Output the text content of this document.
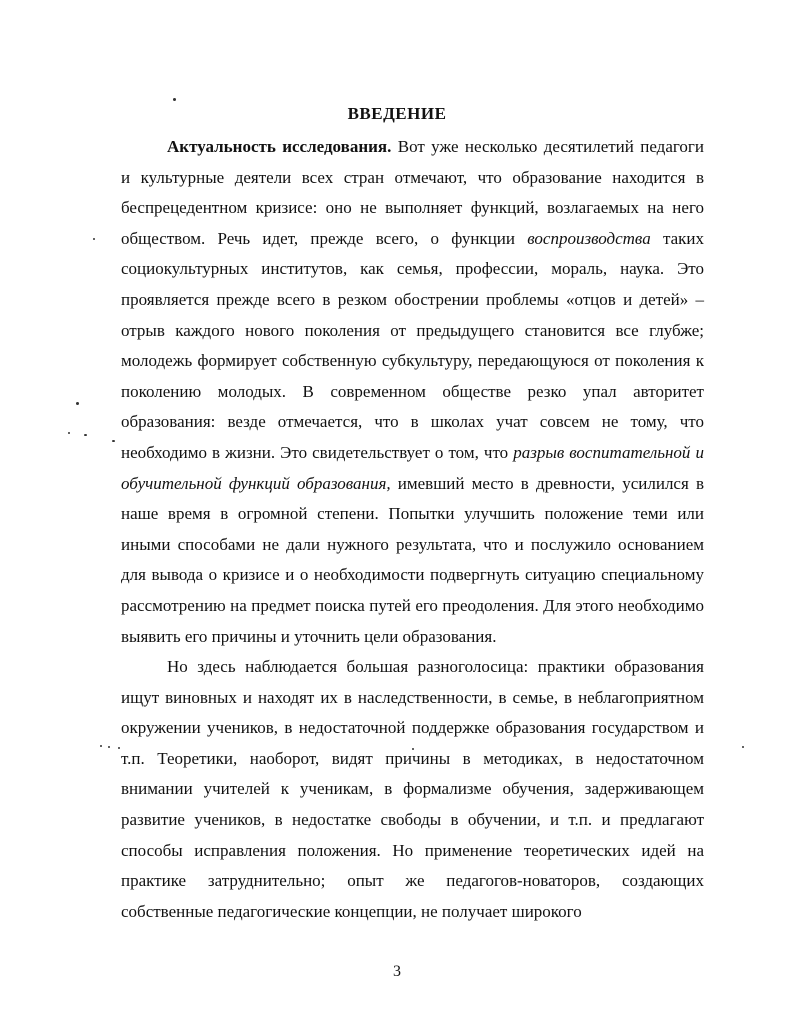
ВВЕДЕНИЕ

Актуальность исследования. Вот уже несколько десятилетий педагоги и культурные деятели всех стран отмечают, что образование находится в беспрецедентном кризисе: оно не выполняет функций, возлагаемых на него обществом. Речь идет, прежде всего, о функции воспроизводства таких социокультурных институтов, как семья, профессии, мораль, наука. Это проявляется прежде всего в резком обострении проблемы «отцов и детей» – отрыв каждого нового поколения от предыдущего становится все глубже; молодежь формирует собственную субкультуру, передающуюся от поколения к поколению молодых. В современном обществе резко упал авторитет образования: везде отмечается, что в школах учат совсем не тому, что необходимо в жизни. Это свидетельствует о том, что разрыв воспитательной и обучительной функций образования, имевший место в древности, усилился в наше время в огромной степени. Попытки улучшить положение теми или иными способами не дали нужного результата, что и послужило основанием для вывода о кризисе и о необходимости подвергнуть ситуацию специальному рассмотрению на предмет поиска путей его преодоления. Для этого необходимо выявить его причины и уточнить цели образования.

Но здесь наблюдается большая разноголосица: практики образования ищут виновных и находят их в наследственности, в семье, в неблагоприятном окружении учеников, в недостаточной поддержке образования государством и т.п. Теоретики, наоборот, видят причины в методиках, в недостаточном внимании учителей к ученикам, в формализме обучения, задерживающем развитие учеников, в недостатке свободы в обучении, и т.п. и предлагают способы исправления положения. Но применение теоретических идей на практике затруднительно; опыт же педагогов-новаторов, создающих собственные педагогические концепции, не получает широкого

3
